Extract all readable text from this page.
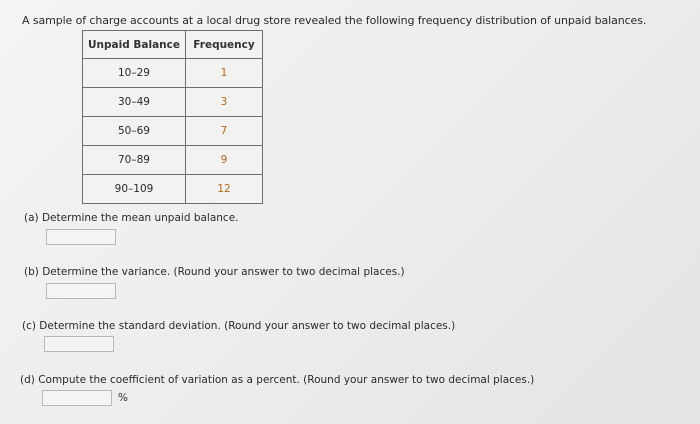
A sample of charge accounts at a local drug store revealed the following frequency distribution of unpaid balances.
Unpaid Balance	Frequency
10–29	1
30–49	3
50–69	7
70–89	9
90–109	12
(a) Determine the mean unpaid balance.
(b) Determine the variance. (Round your answer to two decimal places.)
(c) Determine the standard deviation. (Round your answer to two decimal places.)
(d) Compute the coefficient of variation as a percent. (Round your answer to two decimal places.)
%
